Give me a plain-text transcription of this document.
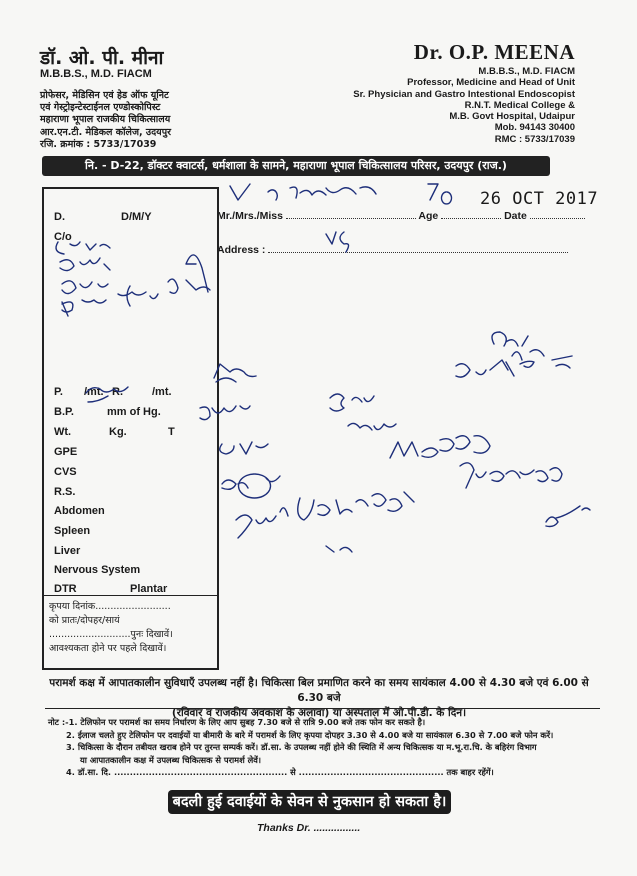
डॉ. ओ. पी. मीना
M.B.B.S., M.D. FIACM
प्रोफेसर, मेडिसिन एवं हेड ऑफ यूनिट
एवं गेस्ट्रोइन्टेस्टाईनल एण्डोस्कोपिस्ट
महाराणा भूपाल राजकीय चिकित्सालय
आर.एन.टी. मेडिकल कॉलेज, उदयपुर
रजि. क्रमांक : 5733/17039
Dr. O.P. MEENA
M.B.B.S., M.D. FIACM
Professor, Medicine and Head of Unit
Sr. Physician and Gastro Intestional Endoscopist
R.N.T. Medical College &
M.B. Govt Hospital, Udaipur
Mob. 94143 30400
RMC : 5733/17039
नि. - D-22, डॉक्टर क्वाटर्स, धर्मशाला के सामने, महाराणा भूपाल चिकित्सालय परिसर, उदयपुर (राज.)
Mr./Mrs./Miss	Age	Date
Address :
26 OCT 2017
D.	D/M/Y
C/o
P. /mt. R.	/mt.
B.P.	mm of Hg.
Wt.	Kg.	T
GPE
CVS
R.S.
Abdomen
Spleen
Liver
Nervous System
DTR	Plantar
कृपया दिनांक.........................
को प्रातः/दोपहर/सायं
...........................पुनः दिखावें।
आवश्यकता होने पर पहले दिखावें।
परामर्श कक्ष में आपातकालीन सुविधाएँ उपलब्ध नहीं है। चिकित्सा बिल प्रमाणित करने का समय सायंकाल 4.00 से 4.30 बजे एवं 6.00 से 6.30 बजे
(रविवार व राजकीय अवकाश के अलावा) या अस्पताल में ओ.पी.डी. के दिन।
नोट :-1. टेलिफोन पर परामर्श का समय निर्धारण के लिए आप सुबह 7.30 बजे से रात्रि 9.00 बजे तक फोन कर सकते है।
2. ईलाज चलते हुए टेलिफोन पर दवाईयों या बीमारी के बारे में परामर्श के लिए कृपया दोपहर 3.30 से 4.00 बजे या सायंकाल 6.30 से 7.00 बजे फोन करें।
3. चिकित्सा के दौरान तबीयत खराब होने पर तुरन्त सम्पर्क करें। डॉ.सा. के उपलब्ध नहीं होने की स्थिति में अन्य चिकित्सक या म.भू.रा.चि. के बहिरंग विभाग
या आपातकालीन कक्ष में उपलब्ध चिकित्सक से परामर्श लेवें।
4. डॉ.सा. दि. ....................................................... से .............................................. तक बाहर रहेंगें।
बदली हुई दवाईयों के सेवन से नुकसान हो सकता है।
Thanks Dr. ................
